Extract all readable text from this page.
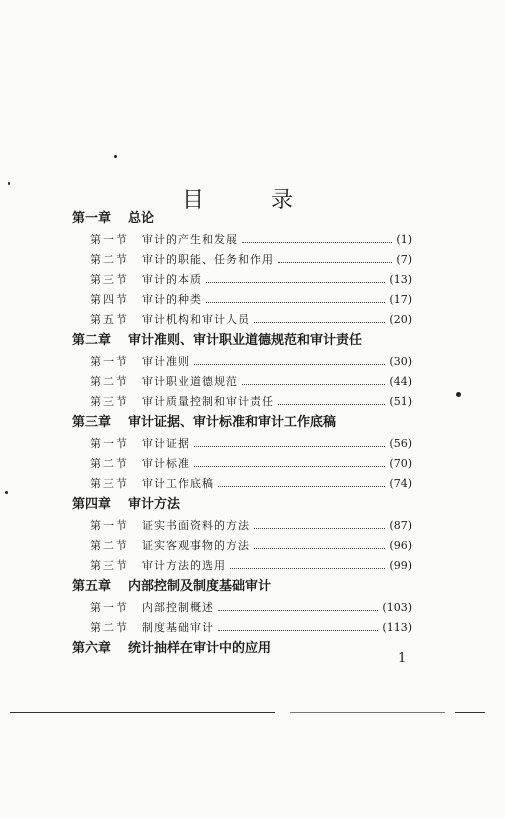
目 录
第一章 总论
第一节	审计的产生和发展	(1)
第二节	审计的职能、任务和作用	(7)
第三节	审计的本质	(13)
第四节	审计的种类	(17)
第五节	审计机构和审计人员	(20)
第二章 审计准则、审计职业道德规范和审计责任
第一节	审计准则	(30)
第二节	审计职业道德规范	(44)
第三节	审计质量控制和审计责任	(51)
第三章 审计证据、审计标准和审计工作底稿
第一节	审计证据	(56)
第二节	审计标准	(70)
第三节	审计工作底稿	(74)
第四章 审计方法
第一节	证实书面资料的方法	(87)
第二节	证实客观事物的方法	(96)
第三节	审计方法的选用	(99)
第五章 内部控制及制度基础审计
第一节	内部控制概述	(103)
第二节	制度基础审计	(113)
第六章 统计抽样在审计中的应用
1
